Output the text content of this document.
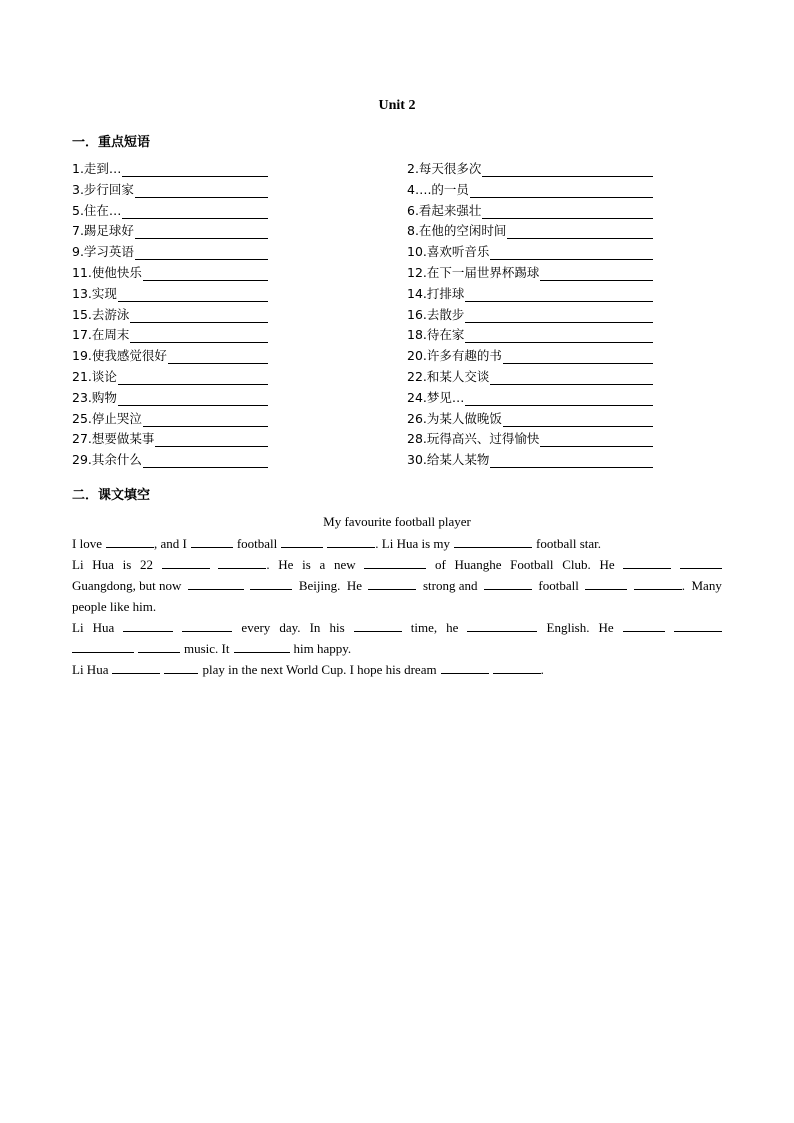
Unit 2
一．重点短语
1.走到…	2.每天很多次
3.步行回家	4….的一员
5.住在…	6.看起来强壮
7.踢足球好	8.在他的空闲时间
9.学习英语	10.喜欢听音乐
11.使他快乐	12.在下一届世界杯踢球
13.实现	14.打排球
15.去游泳	16.去散步
17.在周末	18.待在家
19.使我感觉很好	20.许多有趣的书
21.谈论	22.和某人交谈
23.购物	24.梦见…
25.停止哭泣	26.为某人做晚饭
27.想要做某事	28.玩得高兴、过得愉快
29.其余什么	30.给某人某物
二．课文填空
My favourite football player
I love	, and I	football	. Li Hua is my	football star.
Li Hua is 22	. He is a new	of Huanghe Football Club. He
Guangdong, but now	Beijing. He	strong and	football	. Many
people like him.
Li Hua	every day. In his	time, he	English. He
music. It	him happy.
Li Hua	play in the next World Cup. I hope his dream	.
